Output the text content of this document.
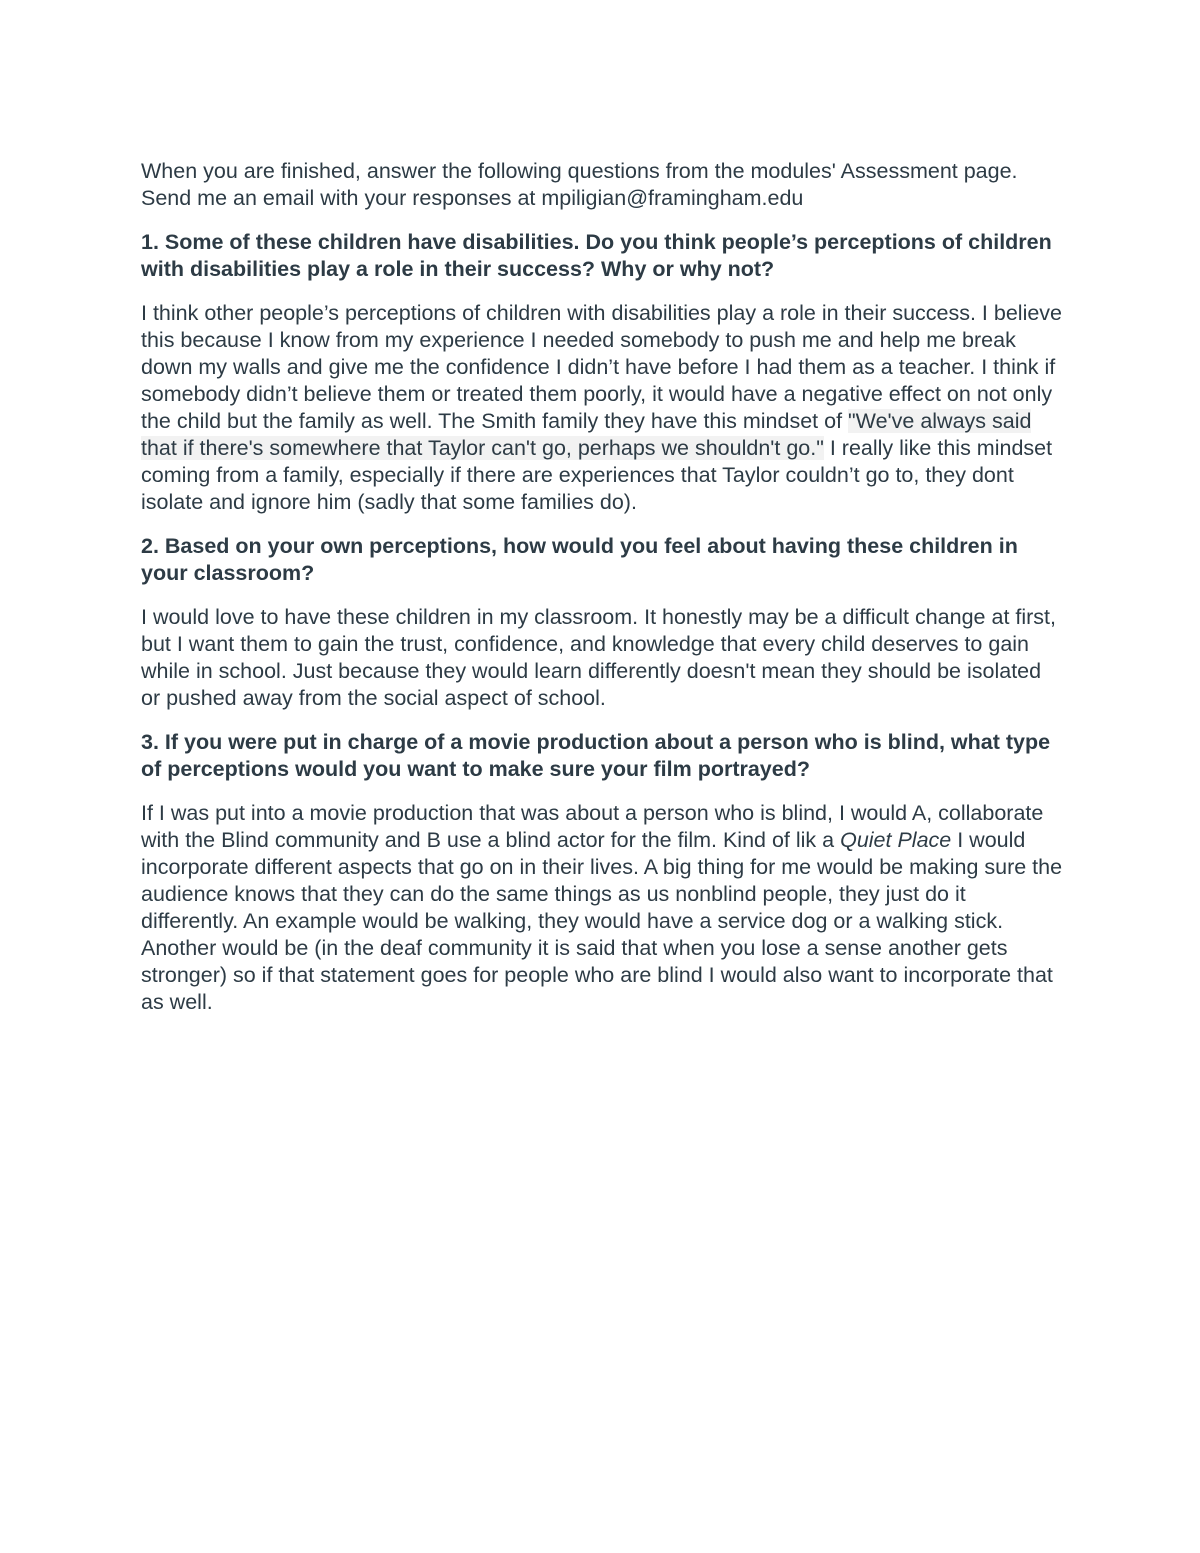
When you are finished, answer the following questions from the modules' Assessment page. Send me an email with your responses at mpiligian@framingham.edu

1. Some of these children have disabilities. Do you think people’s perceptions of children with disabilities play a role in their success? Why or why not?

I think other people’s perceptions of children with disabilities play a role in their success. I believe this because I know from my experience I needed somebody to push me and help me break down my walls and give me the confidence I didn’t have before I had them as a teacher. I think if somebody didn’t believe them or treated them poorly, it would have a negative effect on not only the child but the family as well. The Smith family they have this mindset of "We've always said that if there's somewhere that Taylor can't go, perhaps we shouldn't go." I really like this mindset coming from a family, especially if there are experiences that Taylor couldn’t go to, they dont isolate and ignore him (sadly that some families do).

2. Based on your own perceptions, how would you feel about having these children in your classroom?

I would love to have these children in my classroom. It honestly may be a difficult change at first, but I want them to gain the trust, confidence, and knowledge that every child deserves to gain while in school. Just because they would learn differently doesn't mean they should be isolated or pushed away from the social aspect of school.

3. If you were put in charge of a movie production about a person who is blind, what type of perceptions would you want to make sure your film portrayed?

If I was put into a movie production that was about a person who is blind, I would A, collaborate with the Blind community and B use a blind actor for the film. Kind of lik a Quiet Place I would incorporate different aspects that go on in their lives. A big thing for me would be making sure the audience knows that they can do the same things as us nonblind people, they just do it differently. An example would be walking, they would have a service dog or a walking stick. Another would be (in the deaf community it is said that when you lose a sense another gets stronger) so if that statement goes for people who are blind I would also want to incorporate that as well.
